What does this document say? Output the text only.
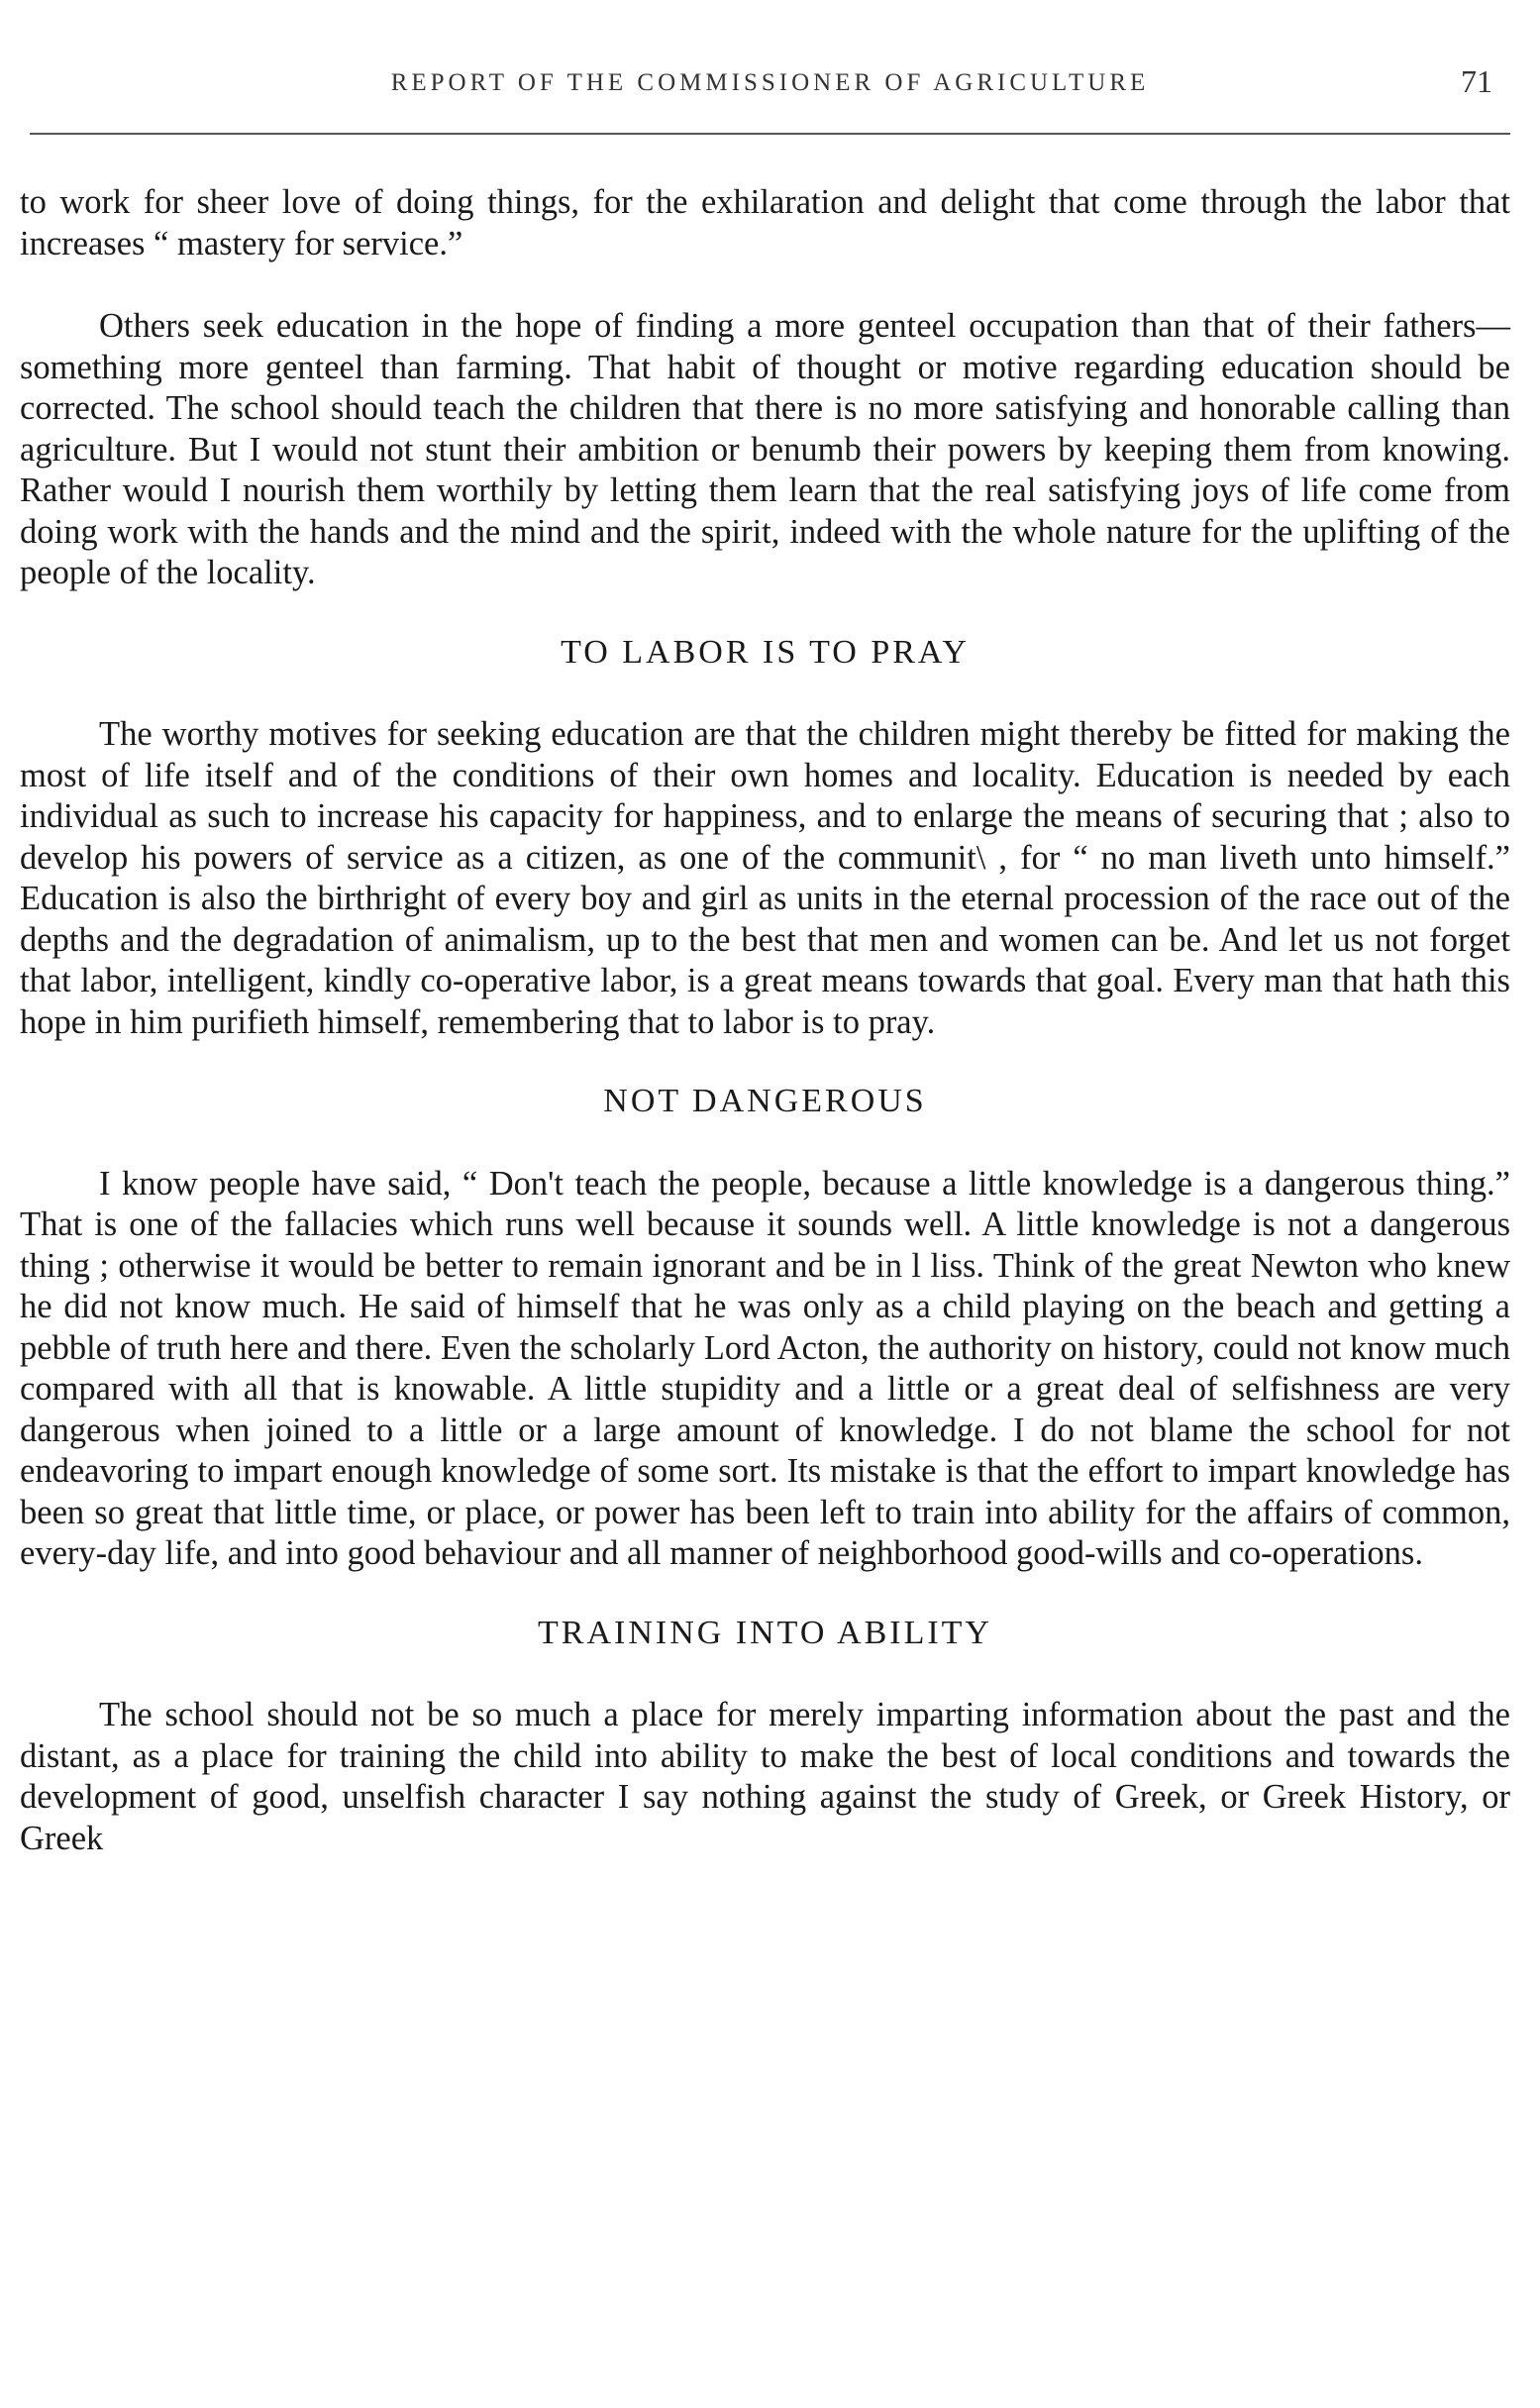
REPORT OF THE COMMISSIONER OF AGRICULTURE	71

to work for sheer love of doing things, for the exhilaration and delight that come through the labor that increases “ mastery for service.”

Others seek education in the hope of finding a more genteel occupation than that of their fathers— something more genteel than farming. That habit of thought or motive regarding education should be corrected. The school should teach the children that there is no more satisfying and honorable calling than agriculture. But I would not stunt their ambition or benumb their powers by keeping them from knowing. Rather would I nourish them worthily by letting them learn that the real satisfying joys of life come from doing work with the hands and the mind and the spirit, indeed with the whole nature for the uplifting of the people of the locality.

TO LABOR IS TO PRAY

The worthy motives for seeking education are that the children might thereby be fitted for making the most of life itself and of the conditions of their own homes and locality. Education is needed by each individual as such to increase his capacity for happiness, and to enlarge the means of securing that ; also to develop his powers of service as a citizen, as one of the communit\ , for “ no man liveth unto himself.” Education is also the birthright of every boy and girl as units in the eternal procession of the race out of the depths and the degradation of animalism, up to the best that men and women can be. And let us not forget that labor, intelligent, kindly co-operative labor, is a great means towards that goal. Every man that hath this hope in him purifieth himself, remembering that to labor is to pray.

NOT DANGEROUS

I know people have said, “ Don't teach the people, because a little knowledge is a dangerous thing.” That is one of the fallacies which runs well because it sounds well. A little knowledge is not a dangerous thing ; otherwise it would be better to remain ignorant and be in l liss. Think of the great Newton who knew he did not know much. He said of himself that he was only as a child playing on the beach and getting a pebble of truth here and there. Even the scholarly Lord Acton, the authority on history, could not know much compared with all that is knowable. A little stupidity and a little or a great deal of selfishness are very dangerous when joined to a little or a large amount of knowledge. I do not blame the school for not endeavoring to impart enough knowledge of some sort. Its mistake is that the effort to impart knowledge has been so great that little time, or place, or power has been left to train into ability for the affairs of common, every-day life, and into good behaviour and all manner of neighborhood good-wills and co-operations.

TRAINING INTO ABILITY

The school should not be so much a place for merely imparting information about the past and the distant, as a place for training the child into ability to make the best of local conditions and towards the development of good, unselfish character I say nothing against the study of Greek, or Greek History, or Greek
